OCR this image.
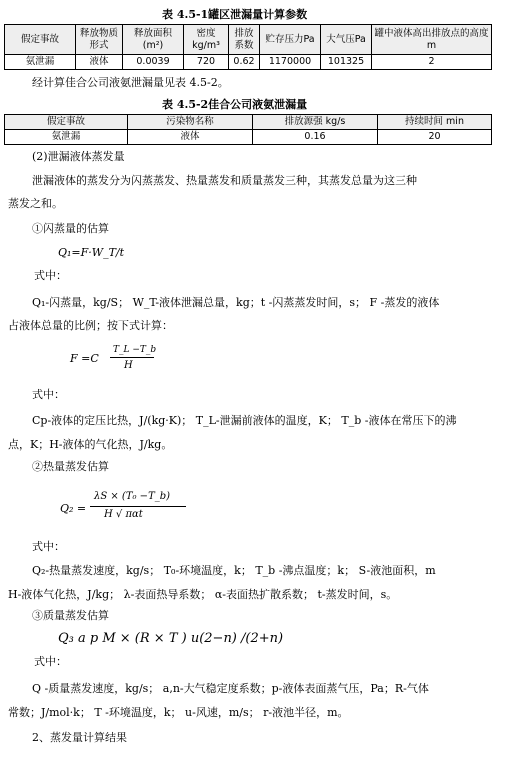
表 4.5-1罐区泄漏量计算参数
假定事故	释放物质形式	释放面积(m²)	密度kg/m³	排放系数	贮存压力Pa	大气压Pa	罐中液体高出排放点的高度 m
氨泄漏	液体	0.0039	720	0.62	1170000	101325	2
经计算佳合公司液氨泄漏量见表 4.5-2。
表 4.5-2佳合公司液氨泄漏量
假定事故	污染物名称	排放源强 kg/s	持续时间 min
氨泄漏	液体	0.16	20
(2)泄漏液体蒸发量
泄漏液体的蒸发分为闪蒸蒸发、热量蒸发和质量蒸发三种，其蒸发总量为这三种
蒸发之和。
①闪蒸量的估算
Q₁=F·W_T/t
式中：
Q₁-闪蒸量，kg/S； W_T-液体泄漏总量，kg；t -闪蒸蒸发时间，s； F -蒸发的液体
占液体总量的比例；按下式计算：
F =C
T_L −T_b
H
式中：
Cp-液体的定压比热，J/(kg·K)； T_L-泄漏前液体的温度，K； T_b -液体在常压下的沸
点，K；H-液体的气化热，J/kg。
②热量蒸发估算
Q₂ =
λS × (T₀ −T_b)
H √ παt
式中：
Q₂-热量蒸发速度，kg/s； T₀-环境温度，k； T_b -沸点温度；k； S-液池面积，m
H-液体气化热，J/kg； λ-表面热导系数； α-表面热扩散系数； t-蒸发时间，s。
③质量蒸发估算
Q₃ a p M × (R × T ) u(2−n) /(2+n)
式中：
Q -质量蒸发速度，kg/s； a,n-大气稳定度系数；p-液体表面蒸气压，Pa；R-气体
常数；J/mol·k； T -环境温度，k； u-风速，m/s； r-液池半径，m。
2、蒸发量计算结果
